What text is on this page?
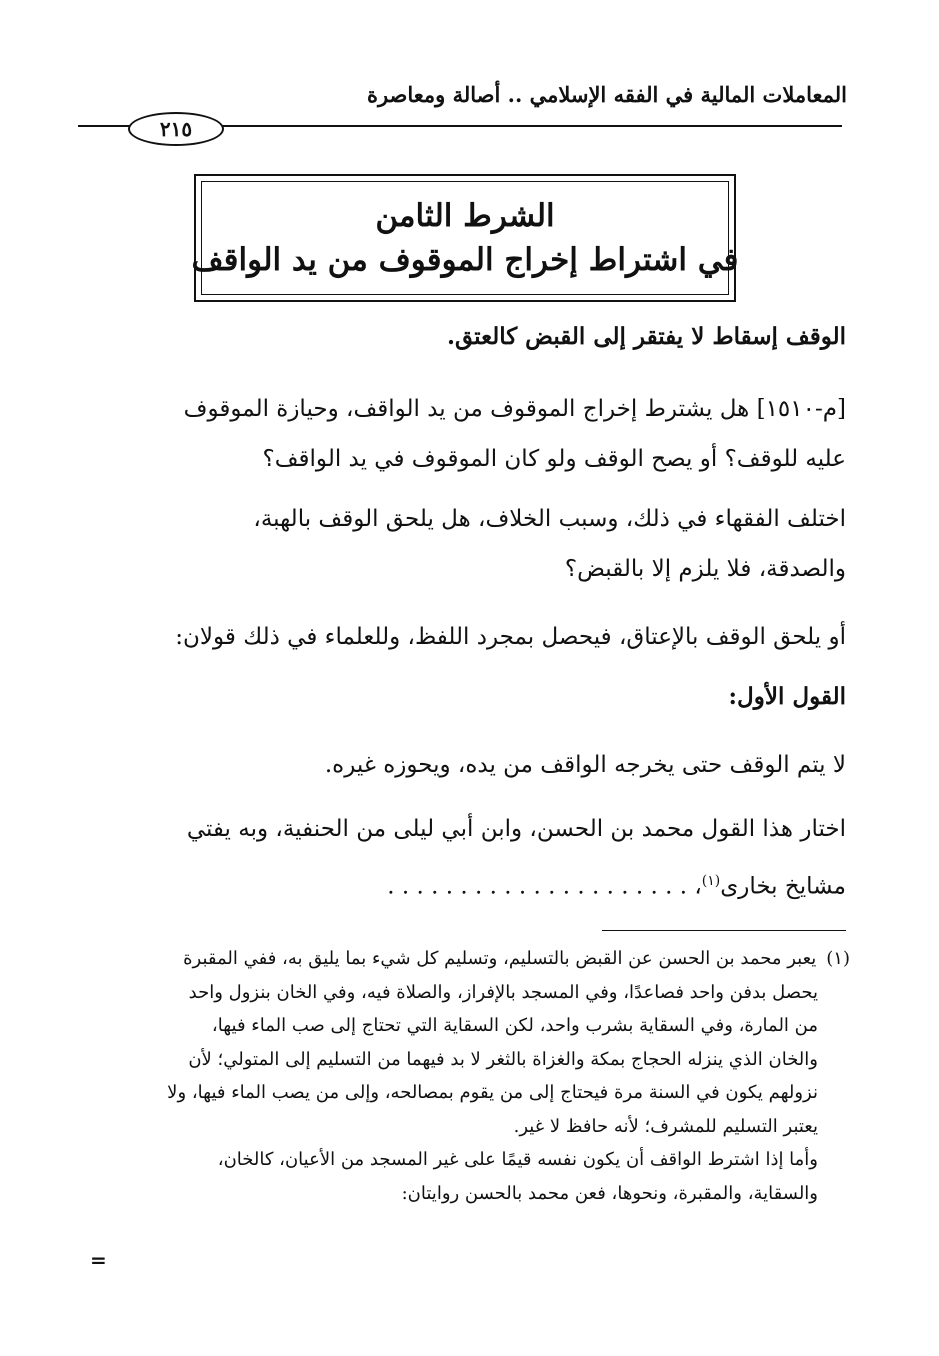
المعاملات المالية في الفقه الإسلامي .. أصالة ومعاصرة
٢١٥
الشرط الثامن
في اشتراط إخراج الموقوف من يد الواقف
الوقف إسقاط لا يفتقر إلى القبض كالعتق.
[م-١٥١٠] هل يشترط إخراج الموقوف من يد الواقف، وحيازة الموقوف
عليه للوقف؟ أو يصح الوقف ولو كان الموقوف في يد الواقف؟
اختلف الفقهاء في ذلك، وسبب الخلاف، هل يلحق الوقف بالهبة،
والصدقة، فلا يلزم إلا بالقبض؟
أو يلحق الوقف بالإعتاق، فيحصل بمجرد اللفظ، وللعلماء في ذلك قولان:
القول الأول:
لا يتم الوقف حتى يخرجه الواقف من يده، ويحوزه غيره.
اختار هذا القول محمد بن الحسن، وابن أبي ليلى من الحنفية، وبه يفتي
مشايخ بخارى$^{(١)}$، . . . . . . . . . . . . . . . . . . . . .
(١)يعبر محمد بن الحسن عن القبض بالتسليم، وتسليم كل شيء بما يليق به، ففي المقبرة
يحصل بدفن واحد فصاعدًا، وفي المسجد بالإفراز، والصلاة فيه، وفي الخان بنزول واحد
من المارة، وفي السقاية بشرب واحد، لكن السقاية التي تحتاج إلى صب الماء فيها،
والخان الذي ينزله الحجاج بمكة والغزاة بالثغر لا بد فيهما من التسليم إلى المتولي؛ لأن
نزولهم يكون في السنة مرة فيحتاج إلى من يقوم بمصالحه، وإلى من يصب الماء فيها، ولا
يعتبر التسليم للمشرف؛ لأنه حافظ لا غير.
وأما إذا اشترط الواقف أن يكون نفسه قيمًا على غير المسجد من الأعيان، كالخان،
والسقاية، والمقبرة، ونحوها، فعن محمد بالحسن روايتان:
=
